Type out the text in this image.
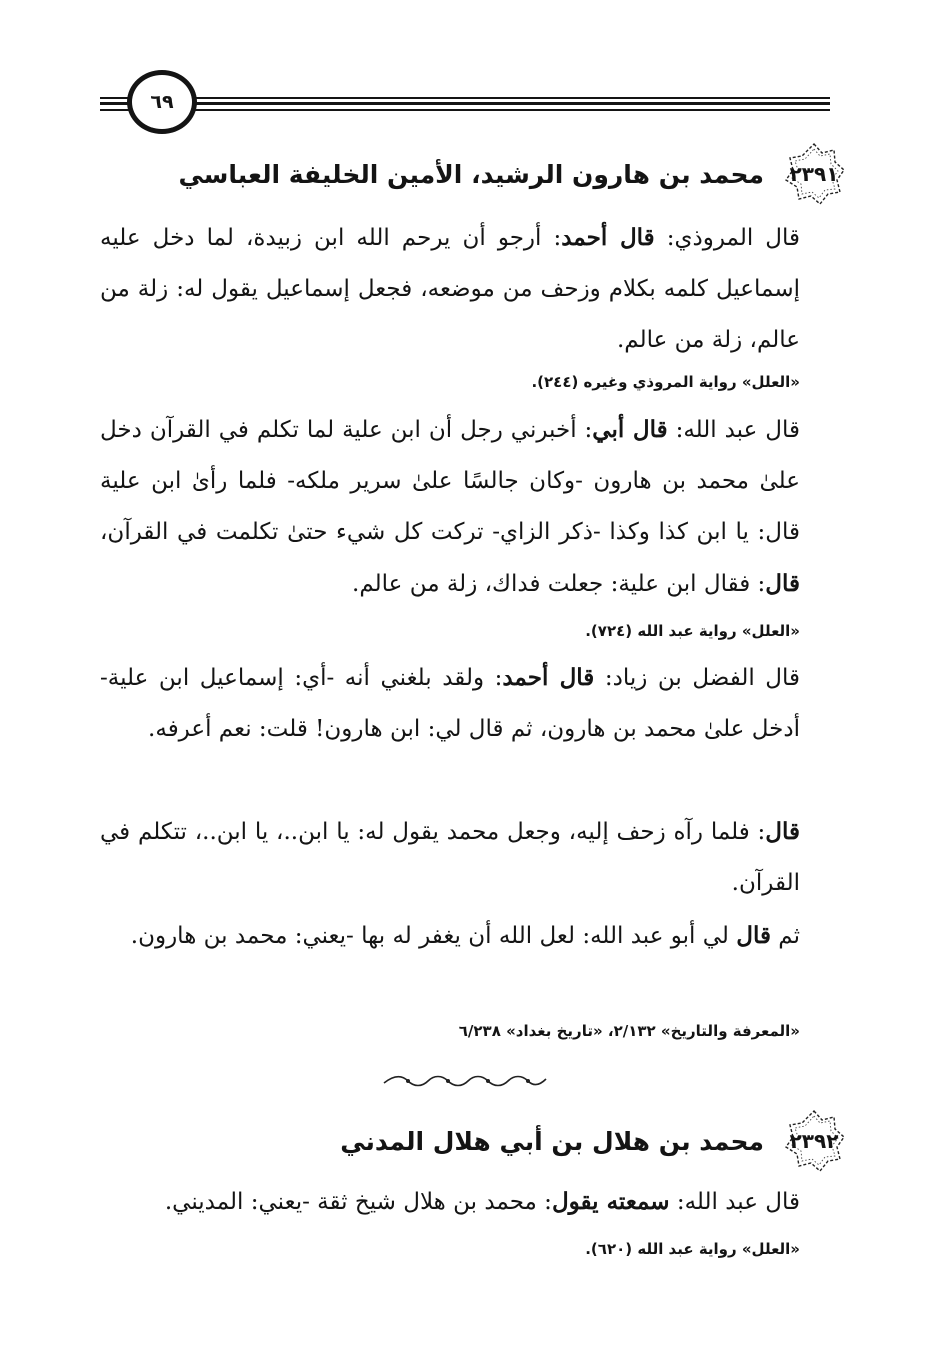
٦٩
٢٣٩١
محمد بن هارون الرشيد، الأمين الخليفة العباسي

قال المروذي: قال أحمد: أرجو أن يرحم الله ابن زبيدة، لما دخل عليه إسماعيل كلمه بكلام وزحف من موضعه، فجعل إسماعيل يقول له: زلة من عالم، زلة من عالم.

«العلل» رواية المروذي وغيره (٢٤٤).

قال عبد الله: قال أبي: أخبرني رجل أن ابن علية لما تكلم في القرآن دخل علىٰ محمد بن هارون -وكان جالسًا علىٰ سرير ملكه- فلما رأىٰ ابن علية قال: يا ابن كذا وكذا -ذكر الزاي- تركت كل شيء حتىٰ تكلمت في القرآن، قال: فقال ابن علية: جعلت فداك، زلة من عالم.

«العلل» رواية عبد الله (٧٢٤).

قال الفضل بن زياد: قال أحمد: ولقد بلغني أنه -أي: إسماعيل ابن علية- أدخل علىٰ محمد بن هارون، ثم قال لي: ابن هارون! قلت: نعم أعرفه.

قال: فلما رآه زحف إليه، وجعل محمد يقول له: يا ابن..، يا ابن..، تتكلم في القرآن.

ثم قال لي أبو عبد الله: لعل الله أن يغفر له بها -يعني: محمد بن هارون.

«المعرفة والتاريخ» ٢/١٣٢، «تاريخ بغداد» ٦/٢٣٨

٢٣٩٢
محمد بن هلال بن أبي هلال المدني

قال عبد الله: سمعته يقول: محمد بن هلال شيخ ثقة -يعني: المديني.

«العلل» رواية عبد الله (٦٢٠).
